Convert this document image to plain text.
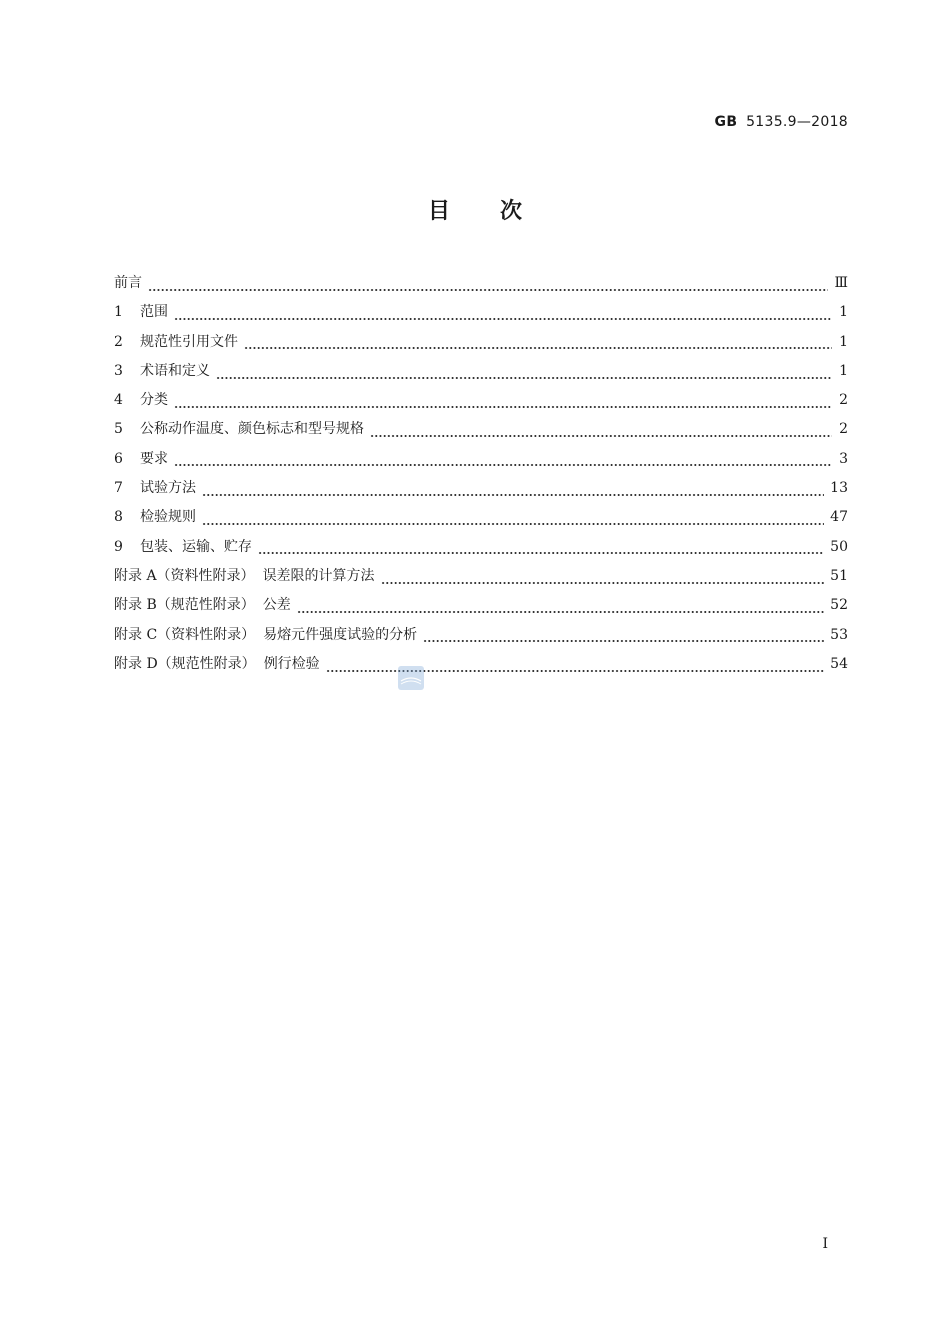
GB 5135.9—2018
目次
前言	Ⅲ
1	范围	1
2	规范性引用文件	1
3	术语和定义	1
4	分类	2
5	公称动作温度、颜色标志和型号规格	2
6	要求	3
7	试验方法	13
8	检验规则	47
9	包装、运输、贮存	50
附录 A（资料性附录） 误差限的计算方法	51
附录 B（规范性附录） 公差	52
附录 C（资料性附录） 易熔元件强度试验的分析	53
附录 D（规范性附录） 例行检验	54
I
